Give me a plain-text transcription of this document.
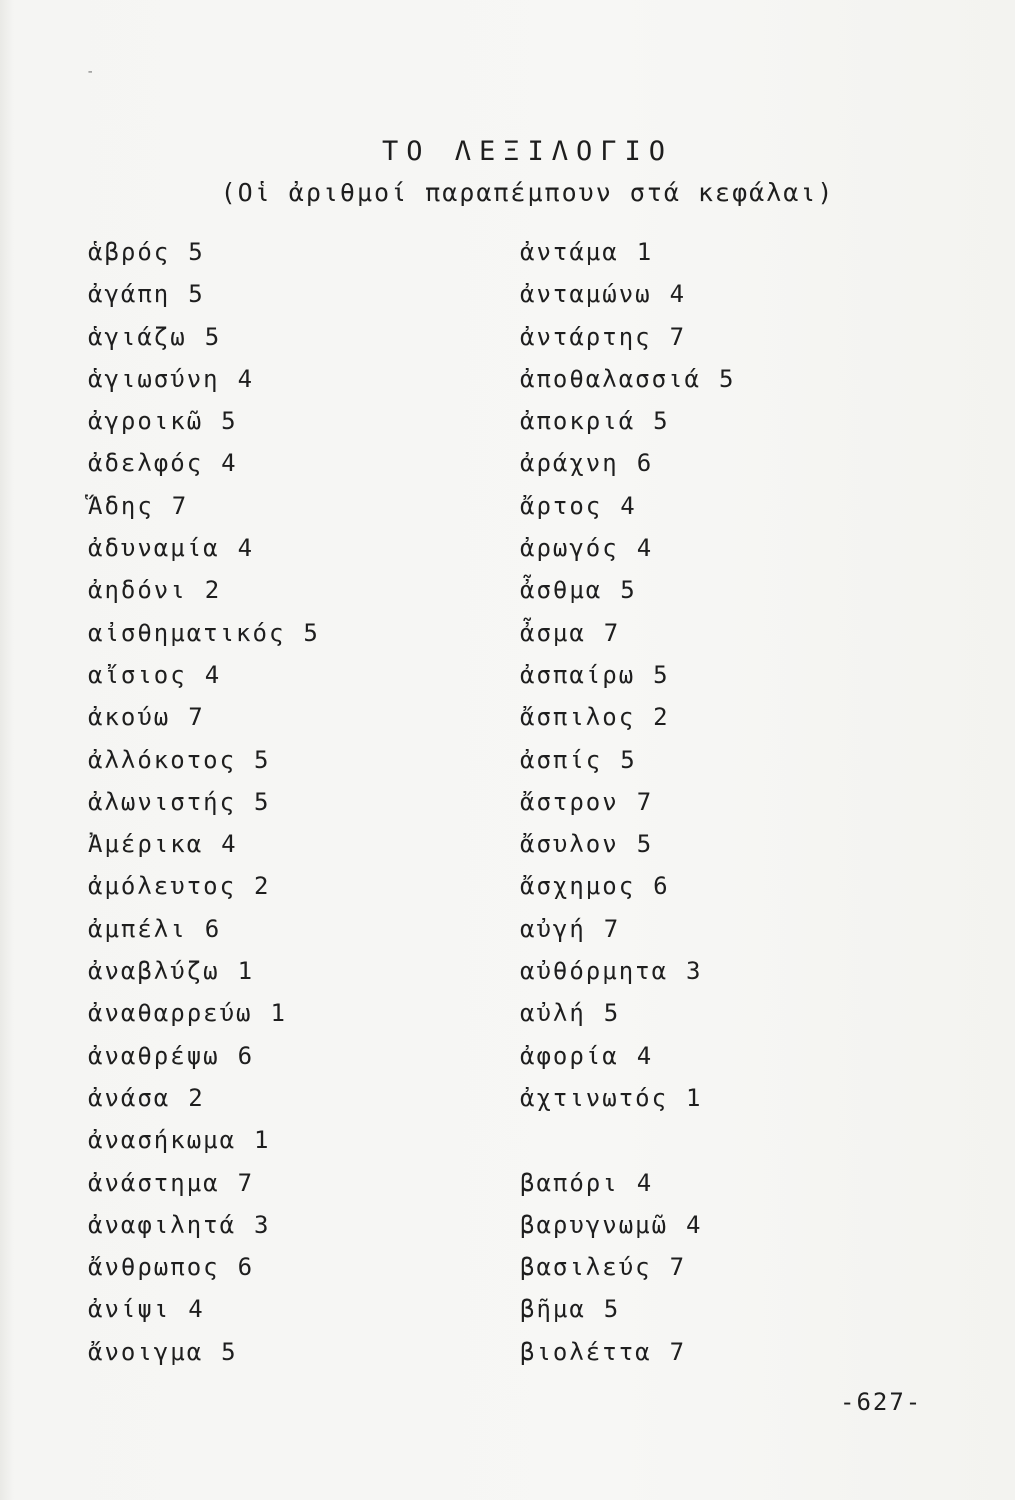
-
ΤΟ ΛΕΞΙΛΟΓΙΟ
(Οἱ ἀριθμοί παραπέμπουν στά κεφάλαι)
ἁβρός 5
ἀγάπη 5
ἁγιάζω 5
ἁγιωσύνη 4
ἀγροικῶ 5
ἀδελφός 4
Ἅδης 7
ἀδυναμία 4
ἀηδόνι 2
αἰσθηματικός 5
αἴσιος 4
ἀκούω 7
ἀλλόκοτος 5
ἀλωνιστής 5
Ἀμέρικα 4
ἀμόλευτος 2
ἀμπέλι 6
ἀναβλύζω 1
ἀναθαρρεύω 1
ἀναθρέψω 6
ἀνάσα 2
ἀνασήκωμα 1
ἀνάστημα 7
ἀναφιλητά 3
ἄνθρωπος 6
ἀνίψι 4
ἄνοιγμα 5
ἀντάμα 1
ἀνταμώνω 4
ἀντάρτης 7
ἀποθαλασσιά 5
ἀποκριά 5
ἀράχνη 6
ἄρτος 4
ἀρωγός 4
ἆσθμα 5
ἆσμα 7
ἀσπαίρω 5
ἄσπιλος 2
ἀσπίς 5
ἄστρον 7
ἄσυλον 5
ἄσχημος 6
αὐγή 7
αὐθόρμητα 3
αὐλή 5
ἀφορία 4
ἀχτινωτός 1
βαπόρι 4
βαρυγνωμῶ 4
βασιλεύς 7
βῆμα 5
βιολέττα 7
-627-
